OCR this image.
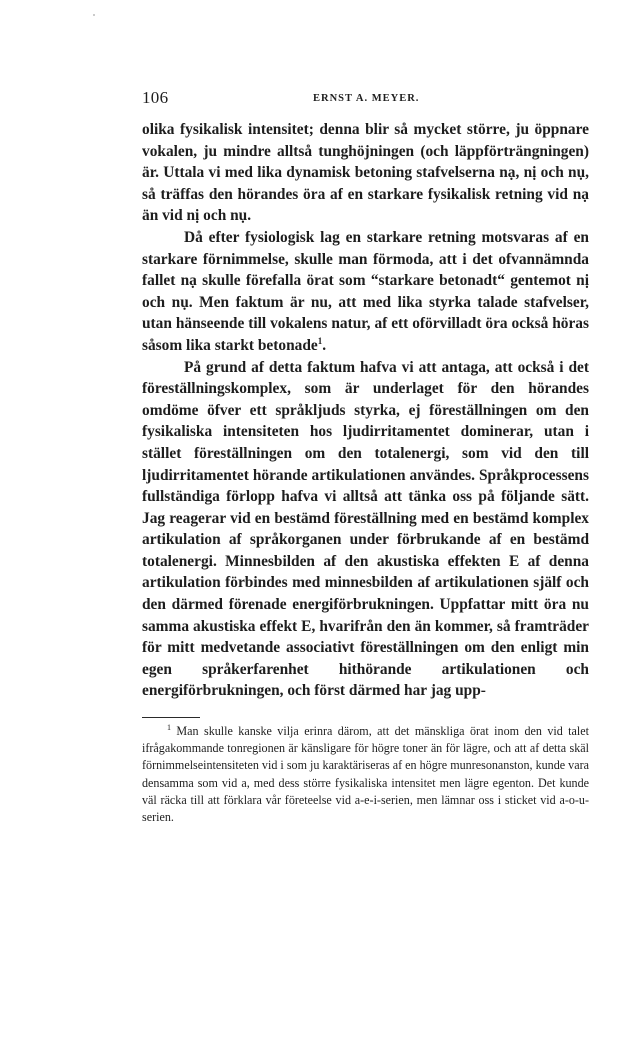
106	ERNST A. MEYER.

olika fysikalisk intensitet; denna blir så mycket större, ju öppnare vokalen, ju mindre alltså tunghöjningen (och läppförträngningen) är. Uttala vi med lika dynamisk betoning stafvelserna nạ, nị och nụ, så träffas den hörandes öra af en starkare fysikalisk retning vid nạ än vid nị och nụ.

Då efter fysiologisk lag en starkare retning motsvaras af en starkare förnimmelse, skulle man förmoda, att i det ofvannämnda fallet nạ skulle förefalla örat som “starkare betonadt“ gentemot nị och nụ. Men faktum är nu, att med lika styrka talade stafvelser, utan hänseende till vokalens natur, af ett oförvilladt öra också höras såsom lika starkt betonade$^1$.

På grund af detta faktum hafva vi att antaga, att också i det föreställningskomplex, som är underlaget för den hörandes omdöme öfver ett språkljuds styrka, ej föreställningen om den fysikaliska intensiteten hos ljudirritamentet dominerar, utan i stället föreställningen om den totalenergi, som vid den till ljudirritamentet hörande artikulationen användes. Språkprocessens fullständiga förlopp hafva vi alltså att tänka oss på följande sätt. Jag reagerar vid en bestämd föreställning med en bestämd komplex artikulation af språkorganen under förbrukande af en bestämd totalenergi. Minnesbilden af den akustiska effekten E af denna artikulation förbindes med minnesbilden af artikulationen själf och den därmed förenade energiförbrukningen. Uppfattar mitt öra nu samma akustiska effekt E, hvarifrån den än kommer, så framträder för mitt medvetande associativt föreställningen om den enligt min egen språkerfarenhet hithörande artikulationen och energiförbrukningen, och först därmed har jag upp-

$^1$ Man skulle kanske vilja erinra därom, att det mänskliga örat inom den vid talet ifrågakommande tonregionen är känsligare för högre toner än för lägre, och att af detta skäl förnimmelseintensiteten vid i som ju karaktäriseras af en högre munresonanston, kunde vara densamma som vid a, med dess större fysikaliska intensitet men lägre egenton. Det kunde väl räcka till att förklara vår företeelse vid a-e-i-serien, men lämnar oss i sticket vid a-o-u-serien.
